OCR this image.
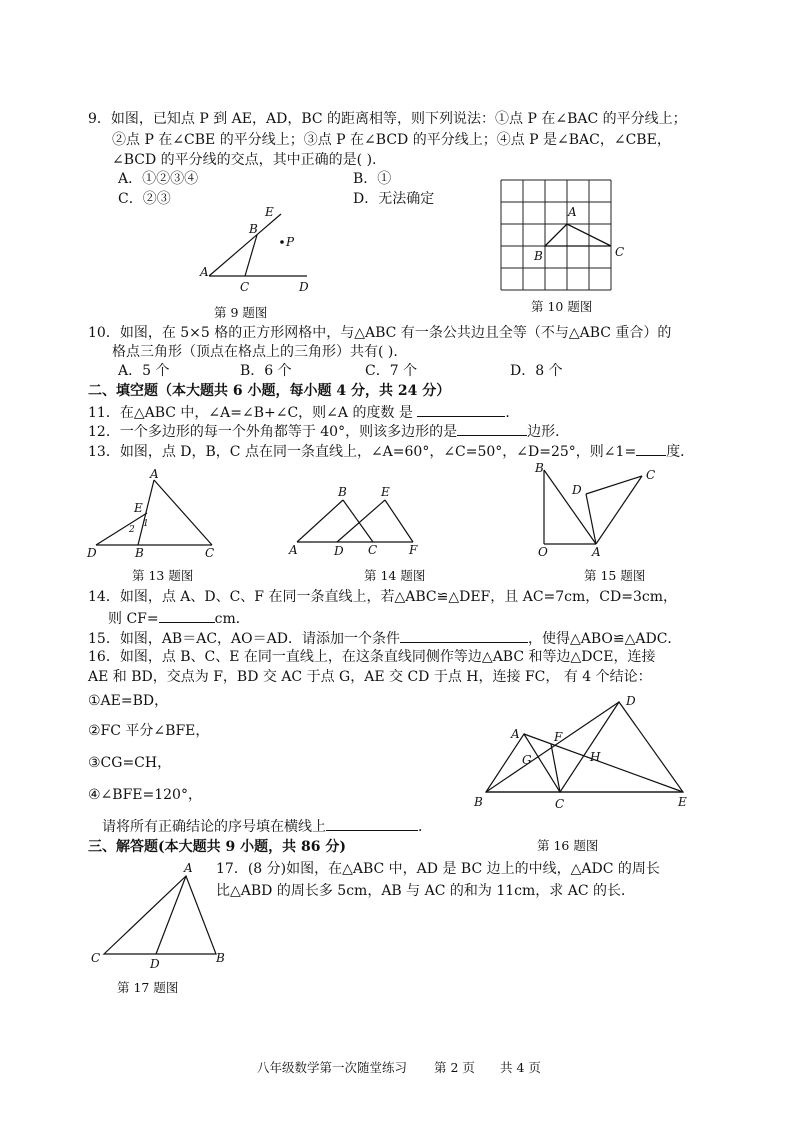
9．如图，已知点 P 到 AE，AD，BC 的距离相等，则下列说法：①点 P 在∠BAC 的平分线上；
②点 P 在∠CBE 的平分线上；③点 P 在∠BCD 的平分线上；④点 P 是∠BAC，∠CBE，
∠BCD 的平分线的交点，其中正确的是( ).
A．①②③④	B．①
C．②③	D．无法确定
E
B
P
A
C	D
第 9 题图
A
B	C
第 10 题图
10．如图，在 5×5 格的正方形网格中，与△ABC 有一条公共边且全等（不与△ABC 重合）的
格点三角形（顶点在格点上的三角形）共有( ).
A．5 个	B．6 个	C．7 个	D．8 个
二、填空题（本大题共 6 小题，每小题 4 分，共 24 分）
11．在△ABC 中，∠A=∠B+∠C，则∠A 的度数 是	．
12．一个多边形的每一个外角都等于 40°，则该多边形的是	边形．
13．如图，点 D，B，C 点在同一条直线上，∠A=60°，∠C=50°，∠D=25°，则∠1= 度．
A
E
1
2
D	B	C
第 13 题图
B	E
A	D C	F
第 14 题图
B	C
D
O	A
第 15 题图
14．如图，点 A、D、C、F 在同一条直线上，若△ABC≌△DEF，且 AC=7cm，CD=3cm，
则 CF=	cm．
15．如图，AB＝AC，AO＝AD．请添加一个条件	，使得△ABO≌△ADC．
16．如图，点 B、C、E 在同一直线上，在这条直线同侧作等边△ABC 和等边△DCE，连接
AE 和 BD，交点为 F，BD 交 AC 于点 G，AE 交 CD 于点 H，连接 FC， 有 4 个结论：
①AE=BD，
②FC 平分∠BFE，
③CG=CH，
④∠BFE=120°，
请将所有正确结论的序号填在横线上	．
D
A	F
G	H
B	C	E
第 16 题图
三、解答题(本大题共 9 小题，共 86 分)
17．(8 分)如图，在△ABC 中，AD 是 BC 边上的中线，△ADC 的周长
比△ABD 的周长多 5cm，AB 与 AC 的和为 11cm，求 AC 的长．
A
C	D	B
第 17 题图
八年级数学第一次随堂练习 第 2 页 共 4 页
